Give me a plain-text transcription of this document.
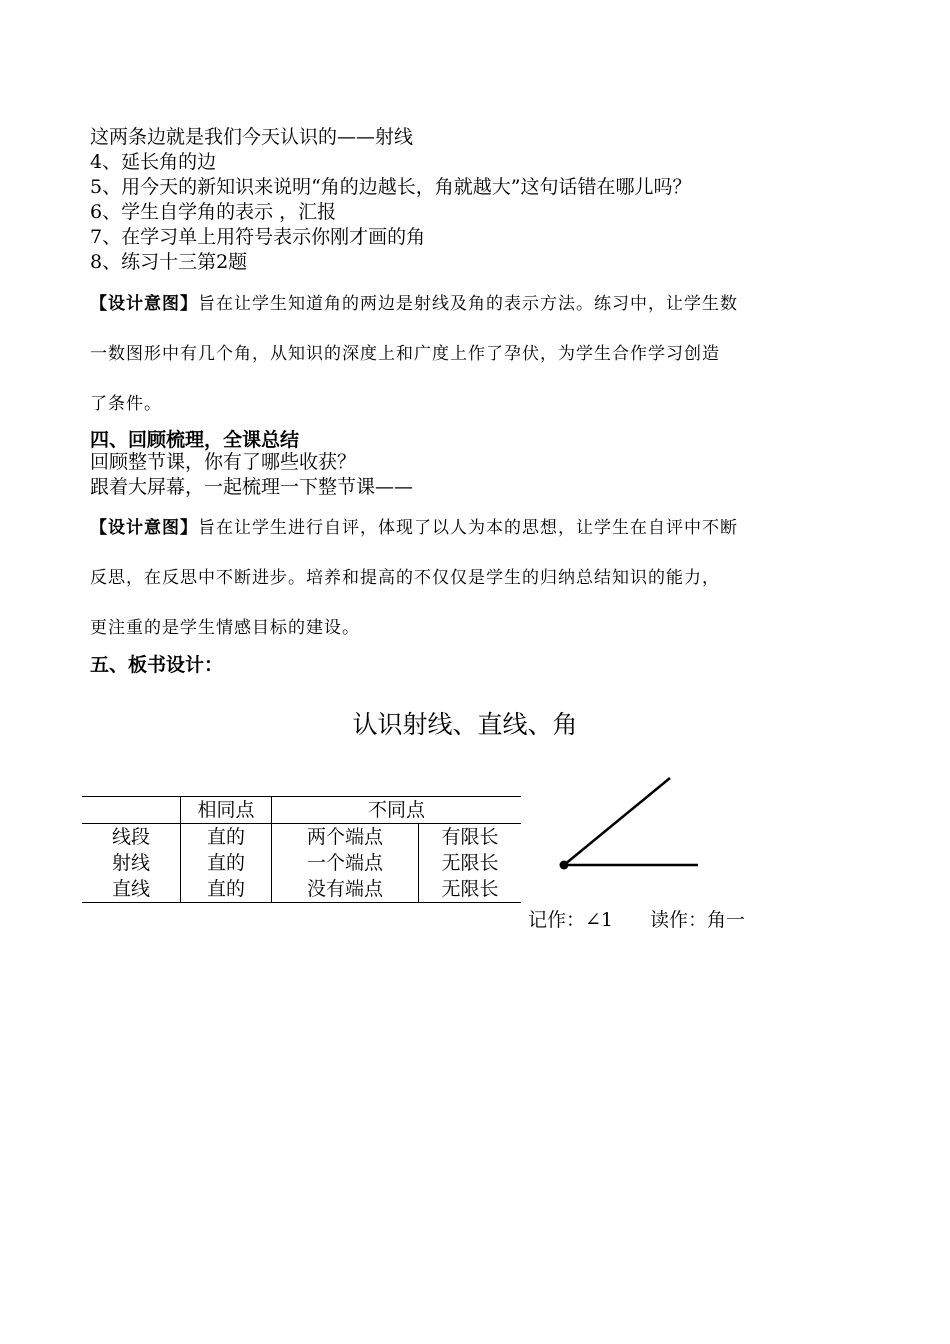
这两条边就是我们今天认识的——射线
4、延长角的边
5、用今天的新知识来说明“角的边越长，角就越大”这句话错在哪儿吗？
6、学生自学角的表示 ，汇报
7、在学习单上用符号表示你刚才画的角
8、练习十三第2题
【设计意图】旨在让学生知道角的两边是射线及角的表示方法。练习中，让学生数
一数图形中有几个角，从知识的深度上和广度上作了孕伏，为学生合作学习创造
了条件。
四、回顾梳理，全课总结
回顾整节课，你有了哪些收获？
跟着大屏幕，一起梳理一下整节课——
【设计意图】旨在让学生进行自评，体现了以人为本的思想，让学生在自评中不断
反思，在反思中不断进步。培养和提高的不仅仅是学生的归纳总结知识的能力，
更注重的是学生情感目标的建设。
五、板书设计：
认识射线、直线、角
	相同点	不同点	
线段	直的	两个端点	有限长
射线	直的	一个端点	无限长
直线	直的	没有端点	无限长
记作：∠1 读作：角一
